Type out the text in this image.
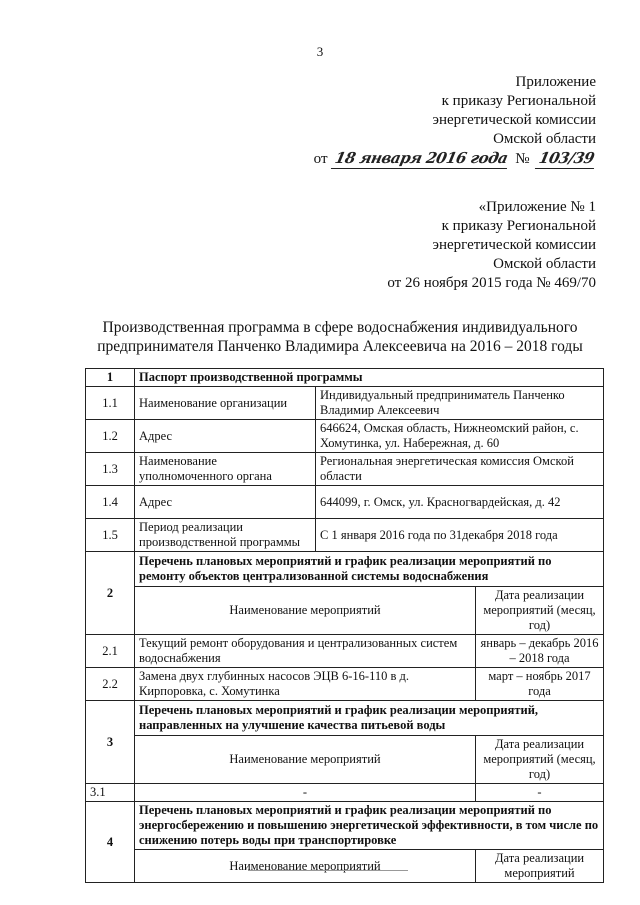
3
Приложение
к приказу Региональной
энергетической комиссии
Омской области
от 18 января 2016 года № 103/39
«Приложение № 1
к приказу Региональной
энергетической комиссии
Омской области
от 26 ноября 2015 года № 469/70
Производственная программа в сфере водоснабжения индивидуального
предпринимателя Панченко Владимира Алексеевича на 2016 – 2018 годы
1	Паспорт производственной программы		
1.1	Наименование организации	Индивидуальный предприниматель Панченко Владимир Алексеевич	
1.2	Адрес	646624, Омская область, Нижнеомский район, с. Хомутинка, ул. Набережная, д. 60	
1.3	Наименование уполномоченного органа	Региональная энергетическая комиссия Омской области	
1.4	Адрес	644099, г. Омск, ул. Красногвардейская, д. 42	
1.5	Период реализации производственной программы	С 1 января 2016 года по 31декабря 2018 года	
2	Перечень плановых мероприятий и график реализации мероприятий по ремонту объектов централизованной системы водоснабжения		
	Наименование мероприятий		Дата реализации мероприятий (месяц, год)
2.1	Текущий ремонт оборудования и централизованных систем водоснабжения		январь – декабрь 2016 – 2018 года
2.2	Замена двух глубинных насосов ЭЦВ 6-16-110 в д. Кирпоровка, с. Хомутинка		март – ноябрь 2017 года
3	Перечень плановых мероприятий и график реализации мероприятий, направленных на улучшение качества питьевой воды		
	Наименование мероприятий		Дата реализации мероприятий (месяц, год)
3.1	-		-
4	Перечень плановых мероприятий и график реализации мероприятий по энергосбережению и повышению энергетической эффективности, в том числе по снижению потерь воды при транспортировке		
	Наименование мероприятий		Дата реализации мероприятий
